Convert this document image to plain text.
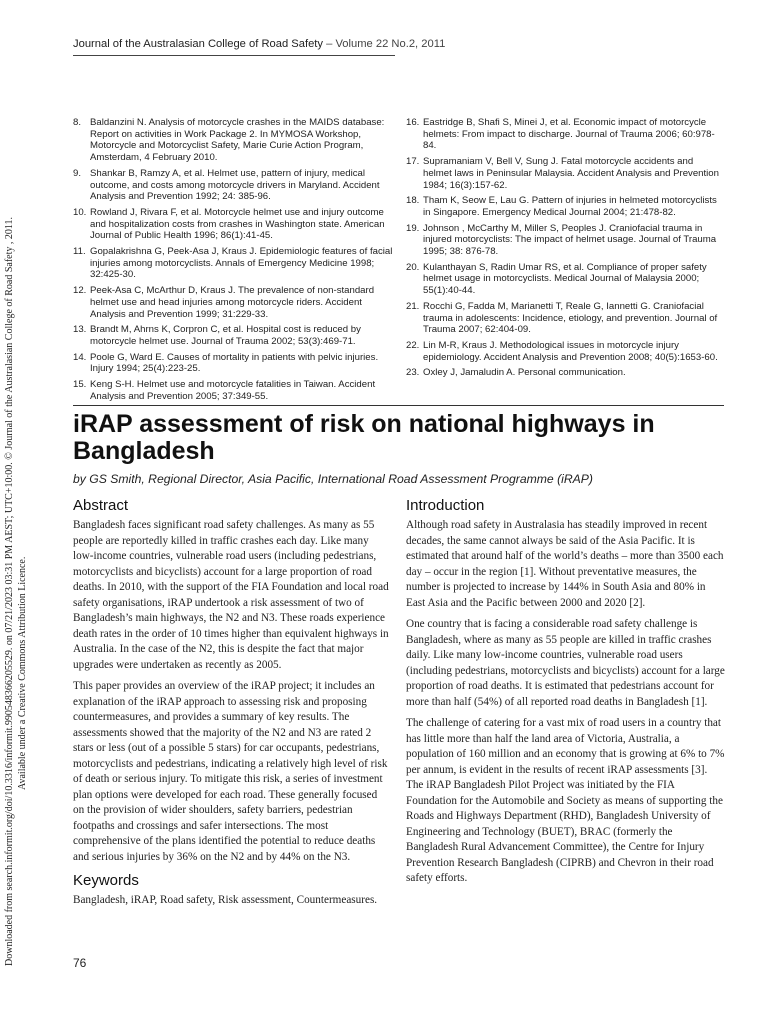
Journal of the Australasian College of Road Safety – Volume 22 No.2, 2011
Downloaded from search.informit.org/doi/10.3316/informit.990548366205529. on 07/21/2023 03:31 PM AEST; UTC+10:00. © Journal of the Australasian College of Road Safety , 2011. Available under a Creative Commons Attribution Licence.
8. Baldanzini N. Analysis of motorcycle crashes in the MAIDS database: Report on activities in Work Package 2. In MYMOSA Workshop, Motorcycle and Motorcyclist Safety, Marie Curie Action Program, Amsterdam, 4 February 2010.
9. Shankar B, Ramzy A, et al. Helmet use, pattern of injury, medical outcome, and costs among motorcycle drivers in Maryland. Accident Analysis and Prevention 1992; 24: 385-96.
10. Rowland J, Rivara F, et al. Motorcycle helmet use and injury outcome and hospitalization costs from crashes in Washington state. American Journal of Public Health 1996; 86(1):41-45.
11. Gopalakrishna G, Peek-Asa J, Kraus J. Epidemiologic features of facial injuries among motorcyclists. Annals of Emergency Medicine 1998; 32:425-30.
12. Peek-Asa C, McArthur D, Kraus J. The prevalence of non-standard helmet use and head injuries among motorcycle riders. Accident Analysis and Prevention 1999; 31:229-33.
13. Brandt M, Ahrns K, Corpron C, et al. Hospital cost is reduced by motorcycle helmet use. Journal of Trauma 2002; 53(3):469-71.
14. Poole G, Ward E. Causes of mortality in patients with pelvic injuries. Injury 1994; 25(4):223-25.
15. Keng S-H. Helmet use and motorcycle fatalities in Taiwan. Accident Analysis and Prevention 2005; 37:349-55.
16. Eastridge B, Shafi S, Minei J, et al. Economic impact of motorcycle helmets: From impact to discharge. Journal of Trauma 2006; 60:978-84.
17. Supramaniam V, Bell V, Sung J. Fatal motorcycle accidents and helmet laws in Peninsular Malaysia. Accident Analysis and Prevention 1984; 16(3):157-62.
18. Tham K, Seow E, Lau G. Pattern of injuries in helmeted motorcyclists in Singapore. Emergency Medical Journal 2004; 21:478-82.
19. Johnson , McCarthy M, Miller S, Peoples J. Craniofacial trauma in injured motorcyclists: The impact of helmet usage. Journal of Trauma 1995; 38: 876-78.
20. Kulanthayan S, Radin Umar RS, et al. Compliance of proper safety helmet usage in motorcyclists. Medical Journal of Malaysia 2000; 55(1):40-44.
21. Rocchi G, Fadda M, Marianetti T, Reale G, Iannetti G. Craniofacial trauma in adolescents: Incidence, etiology, and prevention. Journal of Trauma 2007; 62:404-09.
22. Lin M-R, Kraus J. Methodological issues in motorcycle injury epidemiology. Accident Analysis and Prevention 2008; 40(5):1653-60.
23. Oxley J, Jamaludin A. Personal communication.
iRAP assessment of risk on national highways in Bangladesh
by GS Smith, Regional Director, Asia Pacific, International Road Assessment Programme (iRAP)
Abstract

Bangladesh faces significant road safety challenges. As many as 55 people are reportedly killed in traffic crashes each day. Like many low-income countries, vulnerable road users (including pedestrians, motorcyclists and bicyclists) account for a large proportion of road deaths. In 2010, with the support of the FIA Foundation and local road safety organisations, iRAP undertook a risk assessment of two of Bangladesh’s main highways, the N2 and N3. These roads experience death rates in the order of 10 times higher than equivalent highways in Australia. In the case of the N2, this is despite the fact that major upgrades were undertaken as recently as 2005.

This paper provides an overview of the iRAP project; it includes an explanation of the iRAP approach to assessing risk and proposing countermeasures, and provides a summary of key results. The assessments showed that the majority of the N2 and N3 are rated 2 stars or less (out of a possible 5 stars) for car occupants, pedestrians, motorcyclists and pedestrians, indicating a relatively high level of risk of death or serious injury. To mitigate this risk, a series of investment plan options were developed for each road. These generally focused on the provision of wider shoulders, safety barriers, pedestrian footpaths and crossings and safer intersections. The most comprehensive of the plans identified the potential to reduce deaths and serious injuries by 36% on the N2 and by 44% on the N3.

Keywords
Bangladesh, iRAP, Road safety, Risk assessment, Countermeasures.
Introduction

Although road safety in Australasia has steadily improved in recent decades, the same cannot always be said of the Asia Pacific. It is estimated that around half of the world’s deaths – more than 3500 each day – occur in the region [1]. Without preventative measures, the number is projected to increase by 144% in South Asia and 80% in East Asia and the Pacific between 2000 and 2020 [2].

One country that is facing a considerable road safety challenge is Bangladesh, where as many as 55 people are killed in traffic crashes daily. Like many low-income countries, vulnerable road users (including pedestrians, motorcyclists and bicyclists) account for a large proportion of road deaths. It is estimated that pedestrians account for more than half (54%) of all reported road deaths in Bangladesh [1].

The challenge of catering for a vast mix of road users in a country that has little more than half the land area of Victoria, Australia, a population of 160 million and an economy that is growing at 6% to 7% per annum, is evident in the results of recent iRAP assessments [3]. The iRAP Bangladesh Pilot Project was initiated by the FIA Foundation for the Automobile and Society as means of supporting the Roads and Highways Department (RHD), Bangladesh University of Engineering and Technology (BUET), BRAC (formerly the Bangladesh Rural Advancement Committee), the Centre for Injury Prevention Research Bangladesh (CIPRB) and Chevron in their road safety efforts.

76
